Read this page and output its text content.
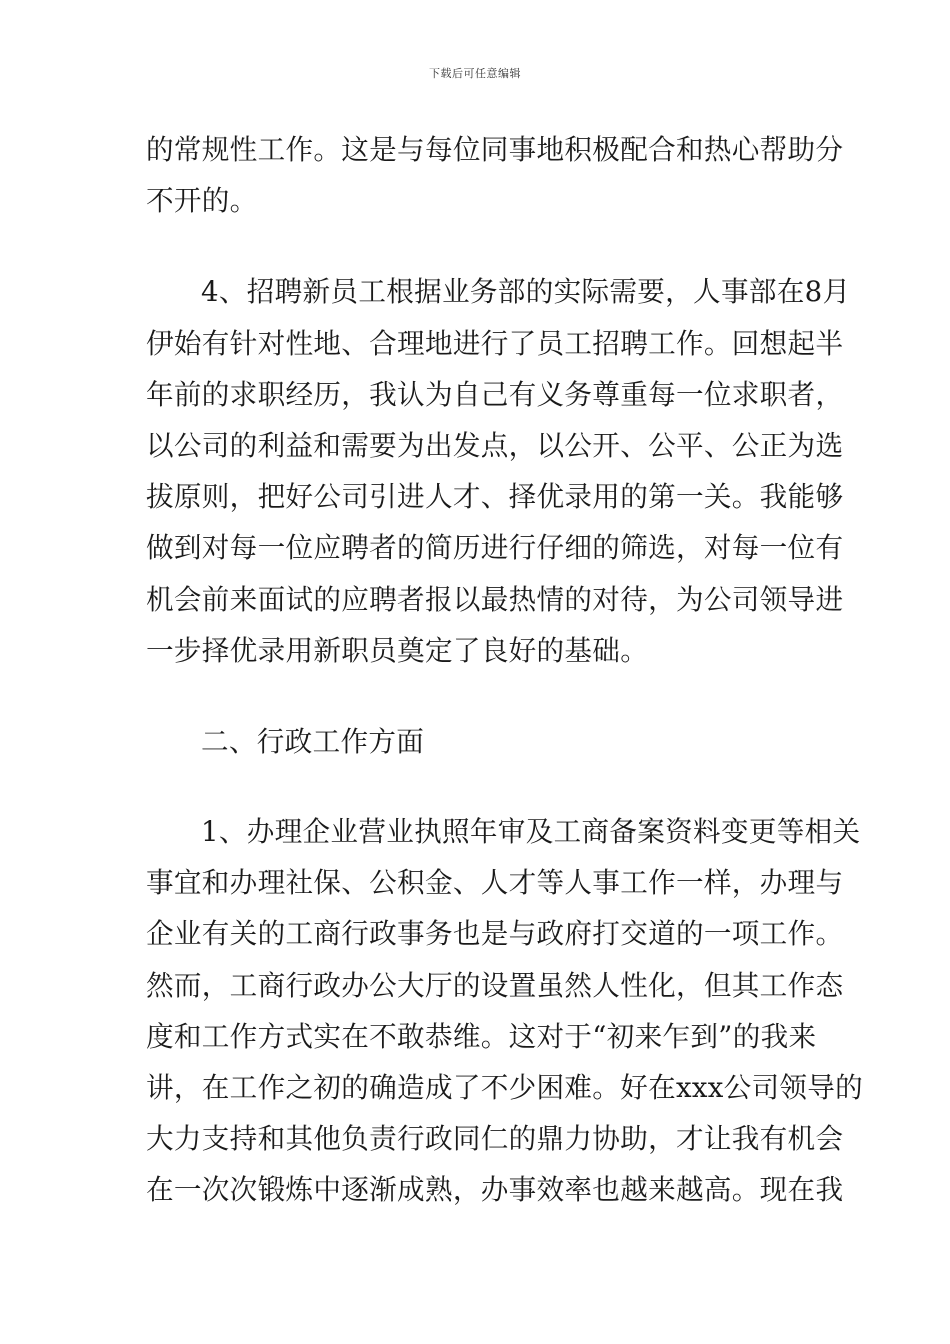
下载后可任意编辑
的常规性工作。这是与每位同事地积极配合和热心帮助分
不开的。
4、招聘新员工根据业务部的实际需要，人事部在8月
伊始有针对性地、合理地进行了员工招聘工作。回想起半
年前的求职经历，我认为自己有义务尊重每一位求职者，
以公司的利益和需要为出发点，以公开、公平、公正为选
拔原则，把好公司引进人才、择优录用的第一关。我能够
做到对每一位应聘者的简历进行仔细的筛选，对每一位有
机会前来面试的应聘者报以最热情的对待，为公司领导进
一步择优录用新职员奠定了良好的基础。
二、行政工作方面
1、办理企业营业执照年审及工商备案资料变更等相关
事宜和办理社保、公积金、人才等人事工作一样，办理与
企业有关的工商行政事务也是与政府打交道的一项工作。
然而，工商行政办公大厅的设置虽然人性化，但其工作态
度和工作方式实在不敢恭维。这对于“初来乍到”的我来
讲，在工作之初的确造成了不少困难。好在xxx公司领导的
大力支持和其他负责行政同仁的鼎力协助，才让我有机会
在一次次锻炼中逐渐成熟，办事效率也越来越高。现在我
